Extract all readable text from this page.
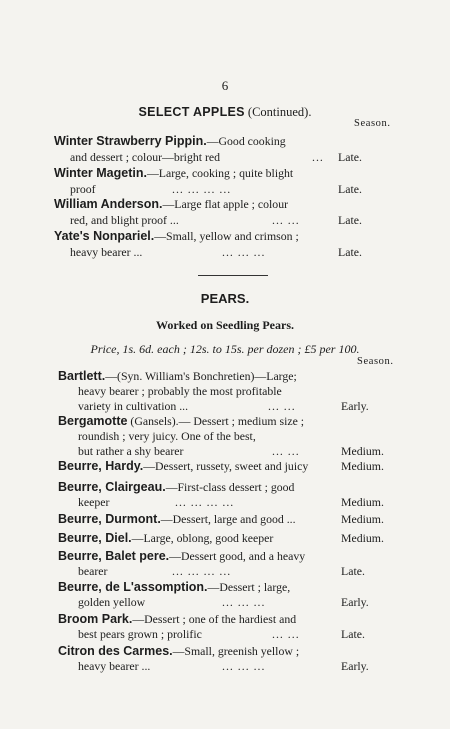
6
SELECT APPLES (Continued).
Season.
Winter Strawberry Pippin.—Good cooking
and dessert ; colour—bright red	... Late.
Winter Magetin.—Large, cooking ; quite blight
proof	... ... ... ...	Late.
William Anderson.—Large flat apple ; colour
red, and blight proof ...	... ...	Late.
Yate's Nonpariel.—Small, yellow and crimson ;
heavy bearer ...	... ... ...	Late.
PEARS.
Worked on Seedling Pears.
Price, 1s. 6d. each ; 12s. to 15s. per dozen ; £5 per 100.
Season.
Bartlett.—(Syn. William's Bonchretien)—Large;
heavy bearer ; probably the most profitable
variety in cultivation ...	... ...	Early.
Bergamotte (Gansels).— Dessert ; medium size ;
roundish ; very juicy. One of the best,
but rather a shy bearer	... ...	Medium.
Beurre, Hardy.—Dessert, russety, sweet and juicy	Medium.
Beurre, Clairgeau.—First-class dessert ; good
keeper	... ... ... ...	Medium.
Beurre, Durmont.—Dessert, large and good ...	Medium.
Beurre, Diel.—Large, oblong, good keeper	Medium.
Beurre, Balet pere.—Dessert good, and a heavy
bearer	... ... ... ...	Late.
Beurre, de L'assomption.—Dessert ; large,
golden yellow	... ... ...	Early.
Broom Park.—Dessert ; one of the hardiest and
best pears grown ; prolific	... ...	Late.
Citron des Carmes.—Small, greenish yellow ;
heavy bearer ...	... ... ...	Early.
